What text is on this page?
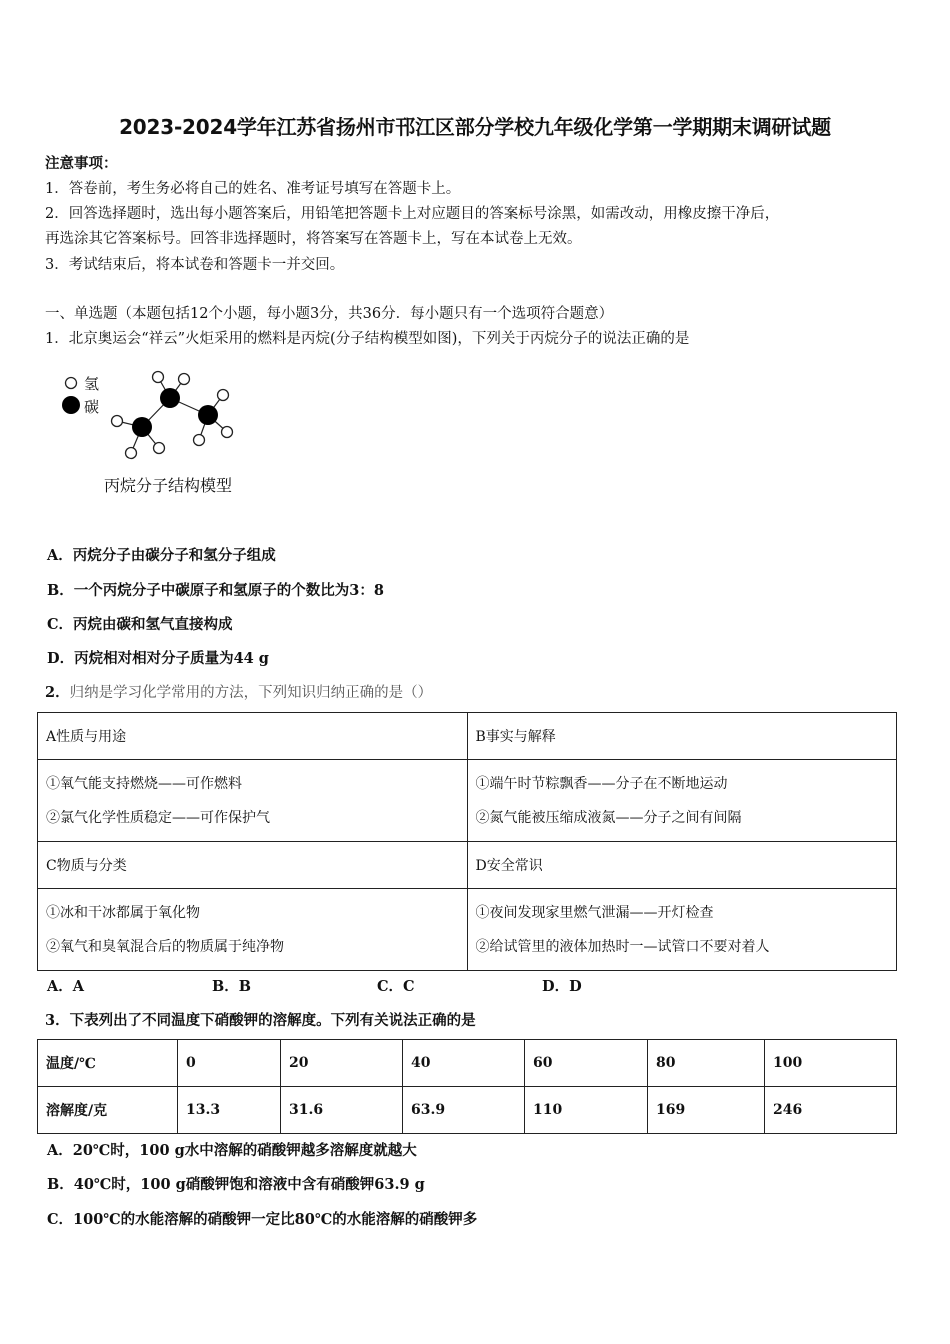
2023-2024学年江苏省扬州市邗江区部分学校九年级化学第一学期期末调研试题
注意事项：
1．答卷前，考生务必将自己的姓名、准考证号填写在答题卡上。
2．回答选择题时，选出每小题答案后，用铅笔把答题卡上对应题目的答案标号涂黑，如需改动，用橡皮擦干净后，
再选涂其它答案标号。回答非选择题时，将答案写在答题卡上，写在本试卷上无效。
3．考试结束后，将本试卷和答题卡一并交回。
一、单选题（本题包括12个小题，每小题3分，共36分．每小题只有一个选项符合题意）
1．北京奥运会“祥云”火炬采用的燃料是丙烷(分子结构模型如图)，下列关于丙烷分子的说法正确的是
氢
碳
丙烷分子结构模型
A．丙烷分子由碳分子和氢分子组成
B．一个丙烷分子中碳原子和氢原子的个数比为3：8
C．丙烷由碳和氢气直接构成
D．丙烷相对相对分子质量为44 g
2．归纳是学习化学常用的方法，下列知识归纳正确的是（）
A性质与用途	B事实与解释

①氧气能支持燃烧——可作燃料
②氯气化学性质稳定——可作保护气

①端午时节粽飘香——分子在不断地运动
②氮气能被压缩成液氮——分子之间有间隔

C物质与分类	D安全常识

①冰和干冰都属于氧化物
②氧气和臭氧混合后的物质属于纯净物

①夜间发现家里燃气泄漏——开灯检查
②给试管里的液体加热时一—试管口不要对着人
A．A	B．B	C．C	D．D
3．下表列出了不同温度下硝酸钾的溶解度。下列有关说法正确的是
温度/℃	0	20	40	60	80	100
溶解度/克	13.3	31.6	63.9	110	169	246
A．20℃时，100 g水中溶解的硝酸钾越多溶解度就越大
B．40℃时，100 g硝酸钾饱和溶液中含有硝酸钾63.9 g
C．100℃的水能溶解的硝酸钾一定比80℃的水能溶解的硝酸钾多
